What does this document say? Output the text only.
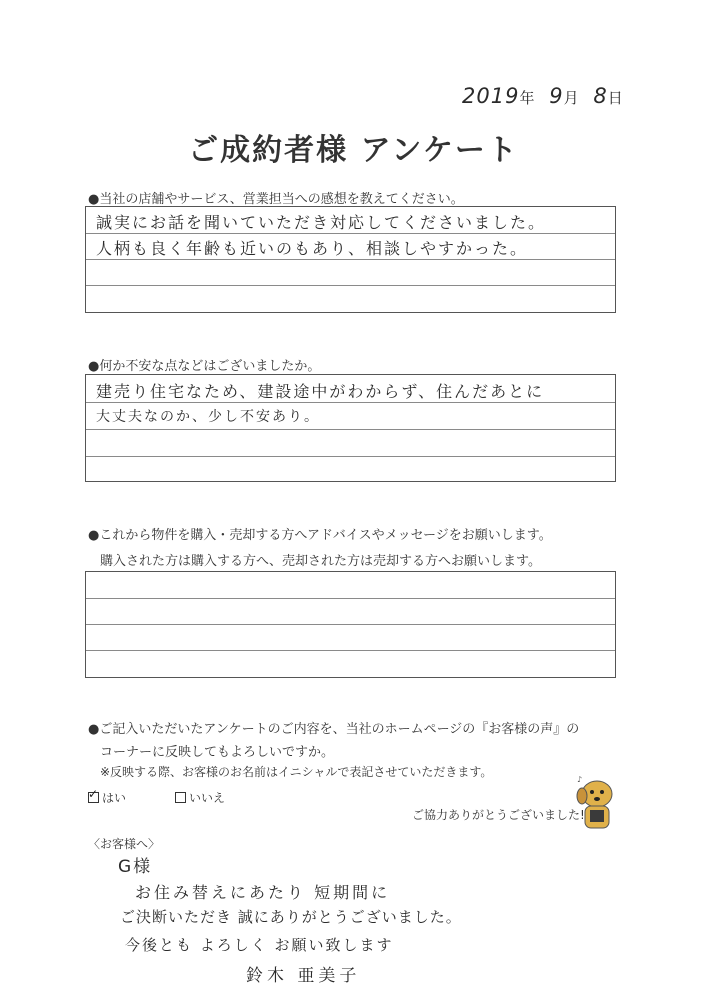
2019年 9月 8日
ご成約者様 アンケート
●当社の店舗やサービス、営業担当への感想を教えてください。
誠実にお話を聞いていただき対応してくださいました。
人柄も良く年齢も近いのもあり、相談しやすかった。
●何か不安な点などはございましたか。
建売り住宅なため、建設途中がわからず、住んだあとに
大丈夫なのか、少し不安あり。
●これから物件を購入・売却する方へアドバイスやメッセージをお願いします。
購入された方は購入する方へ、売却された方は売却する方へお願いします。
●ご記入いただいたアンケートのご内容を、当社のホームページの『お客様の声』の
コーナーに反映してもよろしいですか。
※反映する際、お客様のお名前はイニシャルで表記させていただきます。
✓はい	いいえ
ご協力ありがとうございました!
♪
〈お客様へ〉
G様
お住み替えにあたり 短期間に
ご決断いただき 誠にありがとうございました。
今後とも よろしく お願い致します
鈴木 亜美子
